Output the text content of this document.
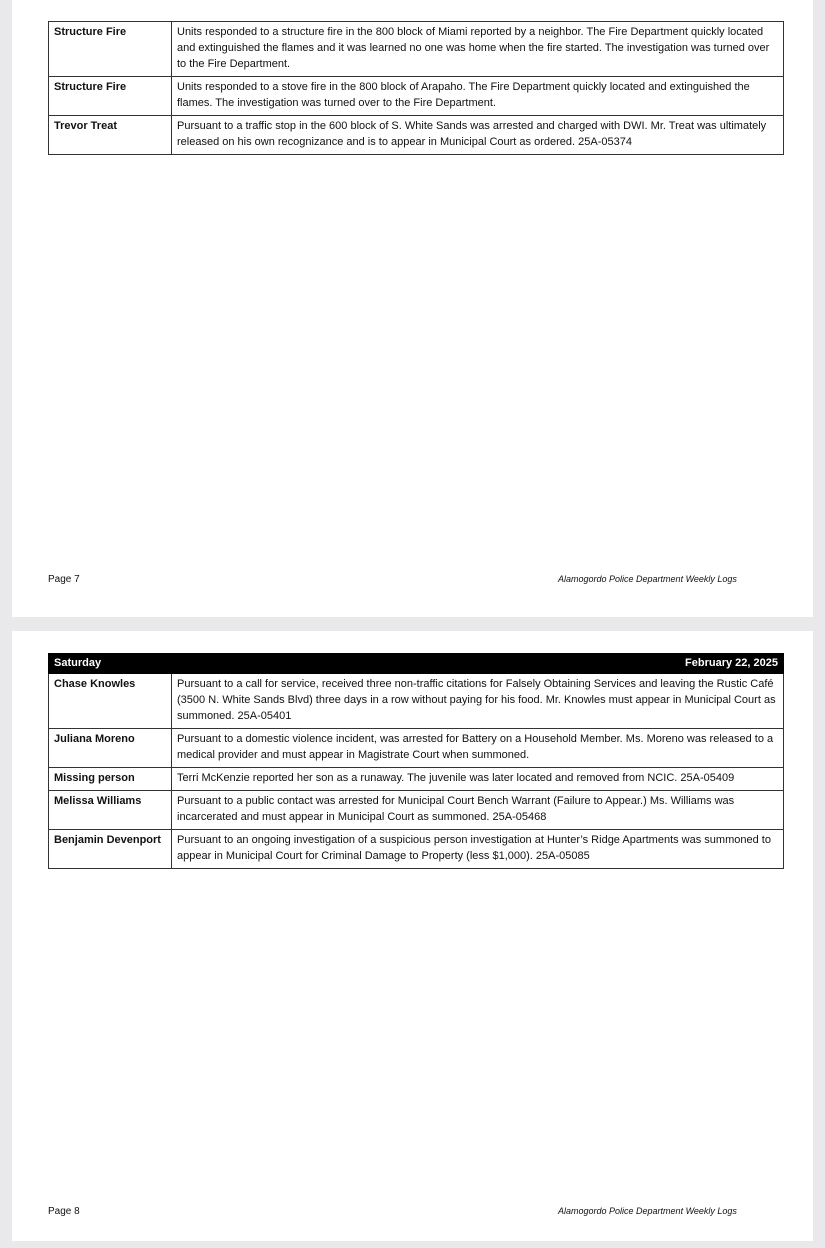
Structure Fire	Units responded to a structure fire in the 800 block of Miami reported by a neighbor. The Fire Department quickly located and extinguished the flames and it was learned no one was home when the fire started. The investigation was turned over to the Fire Department.
Structure Fire	Units responded to a stove fire in the 800 block of Arapaho. The Fire Department quickly located and extinguished the flames. The investigation was turned over to the Fire Department.
Trevor Treat	Pursuant to a traffic stop in the 600 block of S. White Sands was arrested and charged with DWI. Mr. Treat was ultimately released on his own recognizance and is to appear in Municipal Court as ordered. 25A-05374
Page 7	Alamogordo Police Department Weekly Logs
Saturday	February 22, 2025
Chase Knowles	Pursuant to a call for service, received three non-traffic citations for Falsely Obtaining Services and leaving the Rustic Café (3500 N. White Sands Blvd) three days in a row without paying for his food. Mr. Knowles must appear in Municipal Court as summoned. 25A-05401
Juliana Moreno	Pursuant to a domestic violence incident, was arrested for Battery on a Household Member. Ms. Moreno was released to a medical provider and must appear in Magistrate Court when summoned.
Missing person	Terri McKenzie reported her son as a runaway. The juvenile was later located and removed from NCIC. 25A-05409
Melissa Williams	Pursuant to a public contact was arrested for Municipal Court Bench Warrant (Failure to Appear.) Ms. Williams was incarcerated and must appear in Municipal Court as summoned. 25A-05468
Benjamin Devenport	Pursuant to an ongoing investigation of a suspicious person investigation at Hunter’s Ridge Apartments was summoned to appear in Municipal Court for Criminal Damage to Property (less $1,000). 25A-05085
Page 8	Alamogordo Police Department Weekly Logs
